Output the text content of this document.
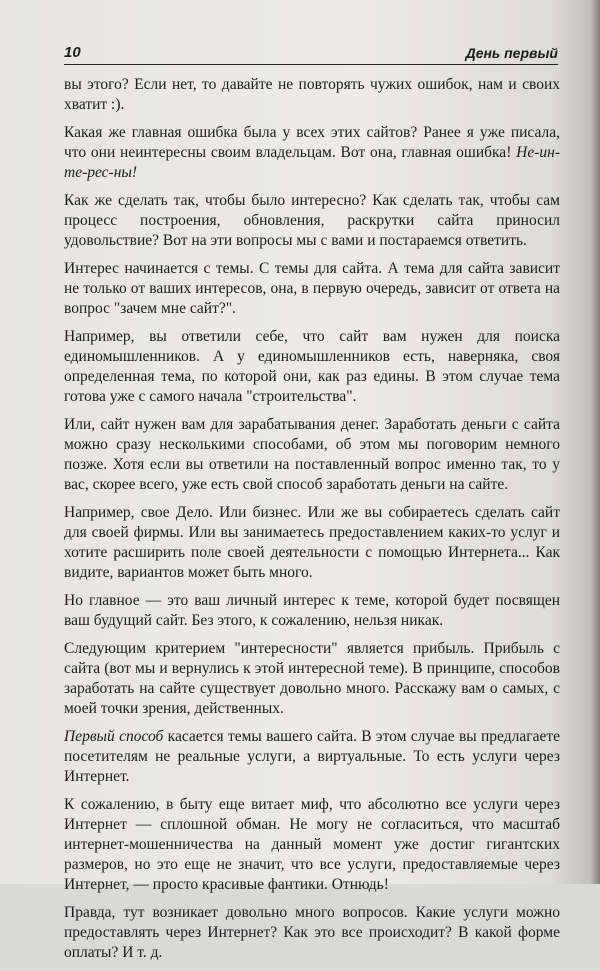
10	День первый

вы этого? Если нет, то давайте не повторять чужих ошибок, нам и своих хватит :).

Какая же главная ошибка была у всех этих сайтов? Ранее я уже писала, что они неинтересны своим владельцам. Вот она, главная ошибка! Не-ин-те-рес-ны!

Как же сделать так, чтобы было интересно? Как сделать так, чтобы сам процесс построения, обновления, раскрутки сайта приносил удовольствие? Вот на эти вопросы мы с вами и постараемся ответить.

Интерес начинается с темы. С темы для сайта. А тема для сайта зависит не только от ваших интересов, она, в первую очередь, зависит от ответа на вопрос "зачем мне сайт?".

Например, вы ответили себе, что сайт вам нужен для поиска единомышленников. А у единомышленников есть, наверняка, своя определенная тема, по которой они, как раз едины. В этом случае тема готова уже с самого начала "строительства".

Или, сайт нужен вам для зарабатывания денег. Заработать деньги с сайта можно сразу несколькими способами, об этом мы поговорим немного позже. Хотя если вы ответили на поставленный вопрос именно так, то у вас, скорее всего, уже есть свой способ заработать деньги на сайте.

Например, свое Дело. Или бизнес. Или же вы собираетесь сделать сайт для своей фирмы. Или вы занимаетесь предоставлением каких-то услуг и хотите расширить поле своей деятельности с помощью Интернета... Как видите, вариантов может быть много.

Но главное — это ваш личный интерес к теме, которой будет посвящен ваш будущий сайт. Без этого, к сожалению, нельзя никак.

Следующим критерием "интересности" является прибыль. Прибыль с сайта (вот мы и вернулись к этой интересной теме). В принципе, способов заработать на сайте существует довольно много. Расскажу вам о самых, с моей точки зрения, действенных.

Первый способ касается темы вашего сайта. В этом случае вы предлагаете посетителям не реальные услуги, а виртуальные. То есть услуги через Интернет.

К сожалению, в быту еще витает миф, что абсолютно все услуги через Интернет — сплошной обман. Не могу не согласиться, что масштаб интернет-мошенничества на данный момент уже достиг гигантских размеров, но это еще не значит, что все услуги, предоставляемые через Интернет, — просто красивые фантики. Отнюдь!

Правда, тут возникает довольно много вопросов. Какие услуги можно предоставлять через Интернет? Как это все происходит? В какой форме оплаты? И т. д.
